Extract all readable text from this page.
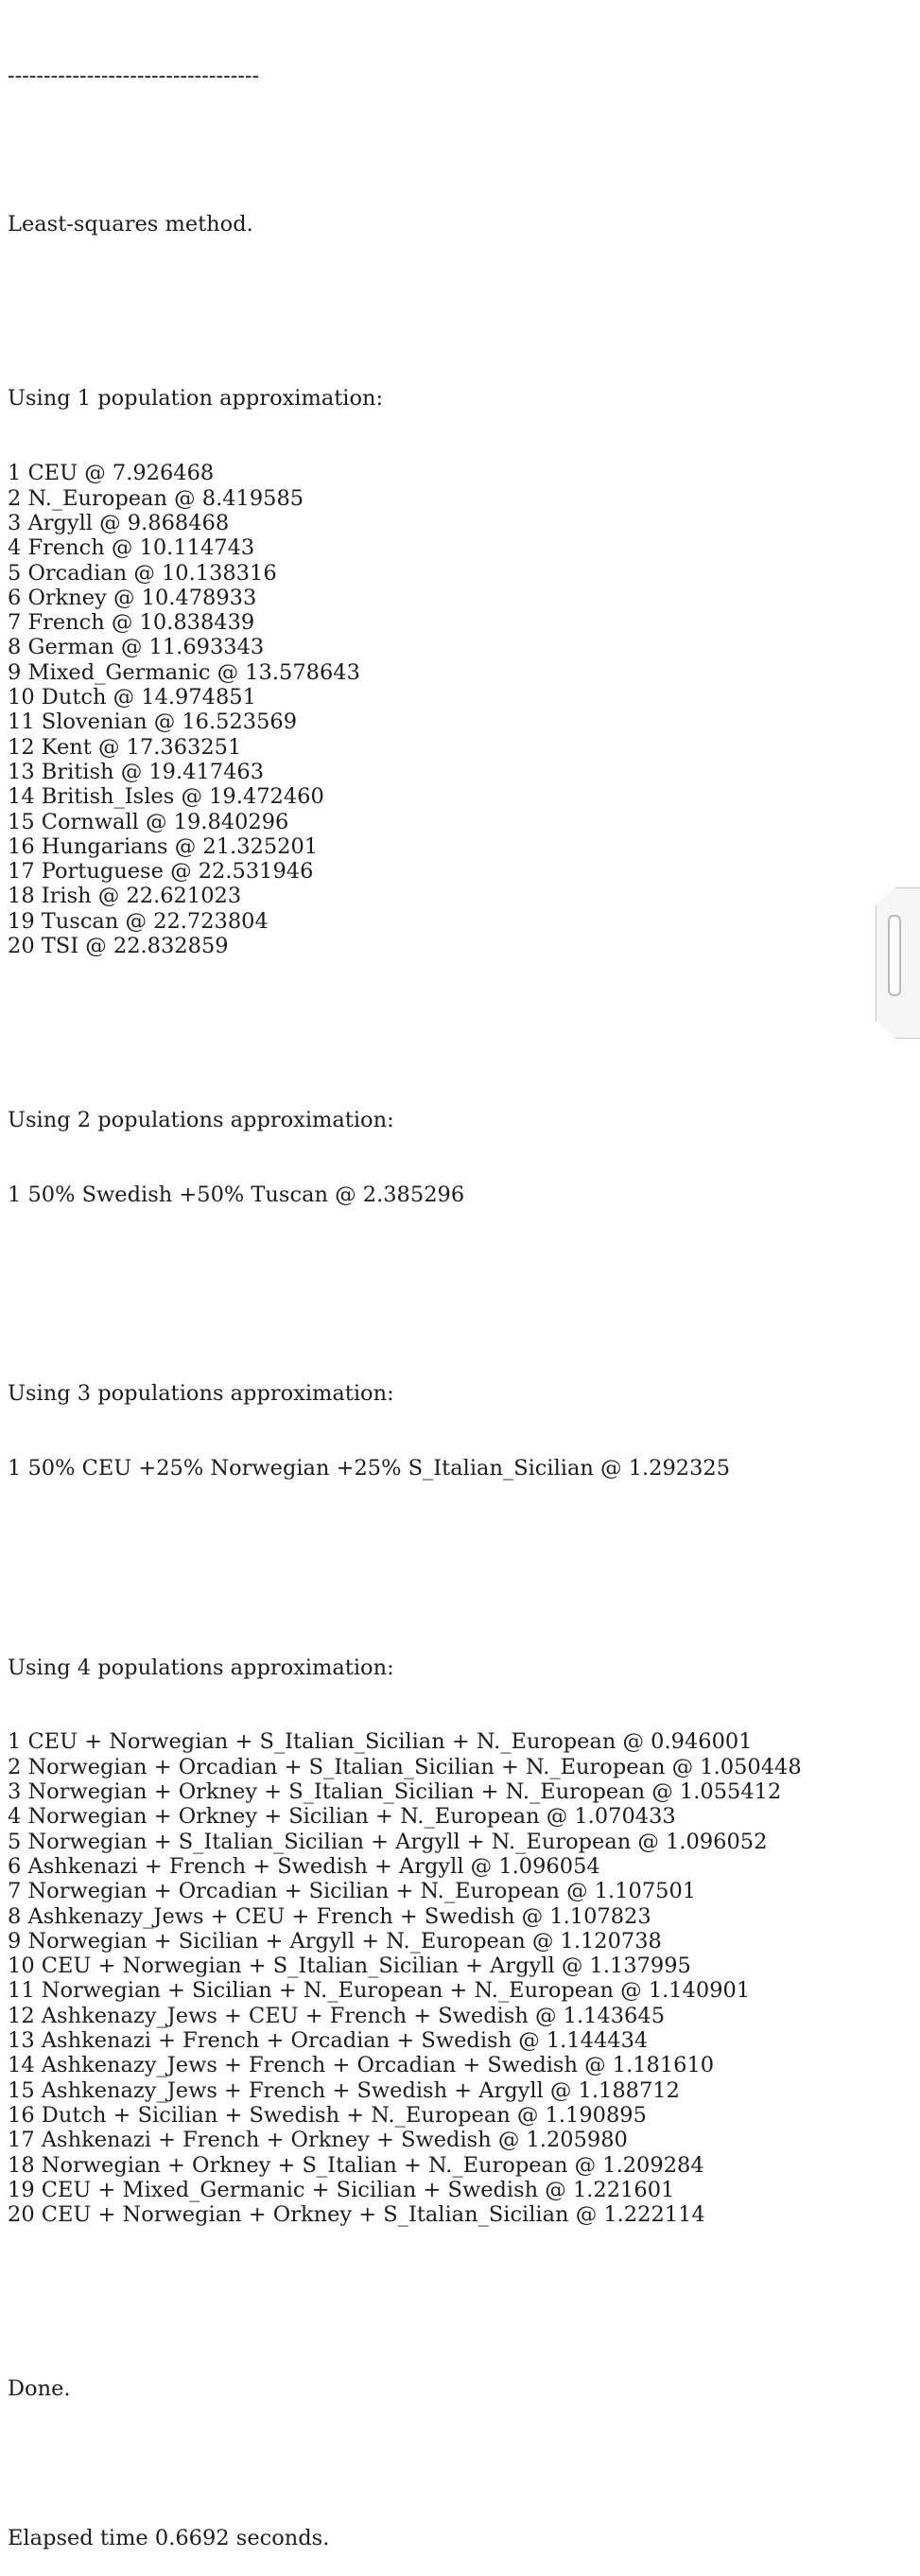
-----------------------------------

Least-squares method.

Using 1 population approximation:

1 CEU @ 7.926468
2 N._European @ 8.419585
3 Argyll @ 9.868468
4 French @ 10.114743
5 Orcadian @ 10.138316
6 Orkney @ 10.478933
7 French @ 10.838439
8 German @ 11.693343
9 Mixed_Germanic @ 13.578643
10 Dutch @ 14.974851
11 Slovenian @ 16.523569
12 Kent @ 17.363251
13 British @ 19.417463
14 British_Isles @ 19.472460
15 Cornwall @ 19.840296
16 Hungarians @ 21.325201
17 Portuguese @ 22.531946
18 Irish @ 22.621023
19 Tuscan @ 22.723804
20 TSI @ 22.832859

Using 2 populations approximation:

1 50% Swedish +50% Tuscan @ 2.385296

Using 3 populations approximation:

1 50% CEU +25% Norwegian +25% S_Italian_Sicilian @ 1.292325

Using 4 populations approximation:

1 CEU + Norwegian + S_Italian_Sicilian + N._European @ 0.946001
2 Norwegian + Orcadian + S_Italian_Sicilian + N._European @ 1.050448
3 Norwegian + Orkney + S_Italian_Sicilian + N._European @ 1.055412
4 Norwegian + Orkney + Sicilian + N._European @ 1.070433
5 Norwegian + S_Italian_Sicilian + Argyll + N._European @ 1.096052
6 Ashkenazi + French + Swedish + Argyll @ 1.096054
7 Norwegian + Orcadian + Sicilian + N._European @ 1.107501
8 Ashkenazy_Jews + CEU + French + Swedish @ 1.107823
9 Norwegian + Sicilian + Argyll + N._European @ 1.120738
10 CEU + Norwegian + S_Italian_Sicilian + Argyll @ 1.137995
11 Norwegian + Sicilian + N._European + N._European @ 1.140901
12 Ashkenazy_Jews + CEU + French + Swedish @ 1.143645
13 Ashkenazi + French + Orcadian + Swedish @ 1.144434
14 Ashkenazy_Jews + French + Orcadian + Swedish @ 1.181610
15 Ashkenazy_Jews + French + Swedish + Argyll @ 1.188712
16 Dutch + Sicilian + Swedish + N._European @ 1.190895
17 Ashkenazi + French + Orkney + Swedish @ 1.205980
18 Norwegian + Orkney + S_Italian + N._European @ 1.209284
19 CEU + Mixed_Germanic + Sicilian + Swedish @ 1.221601
20 CEU + Norwegian + Orkney + S_Italian_Sicilian @ 1.222114

Done.

Elapsed time 0.6692 seconds.
